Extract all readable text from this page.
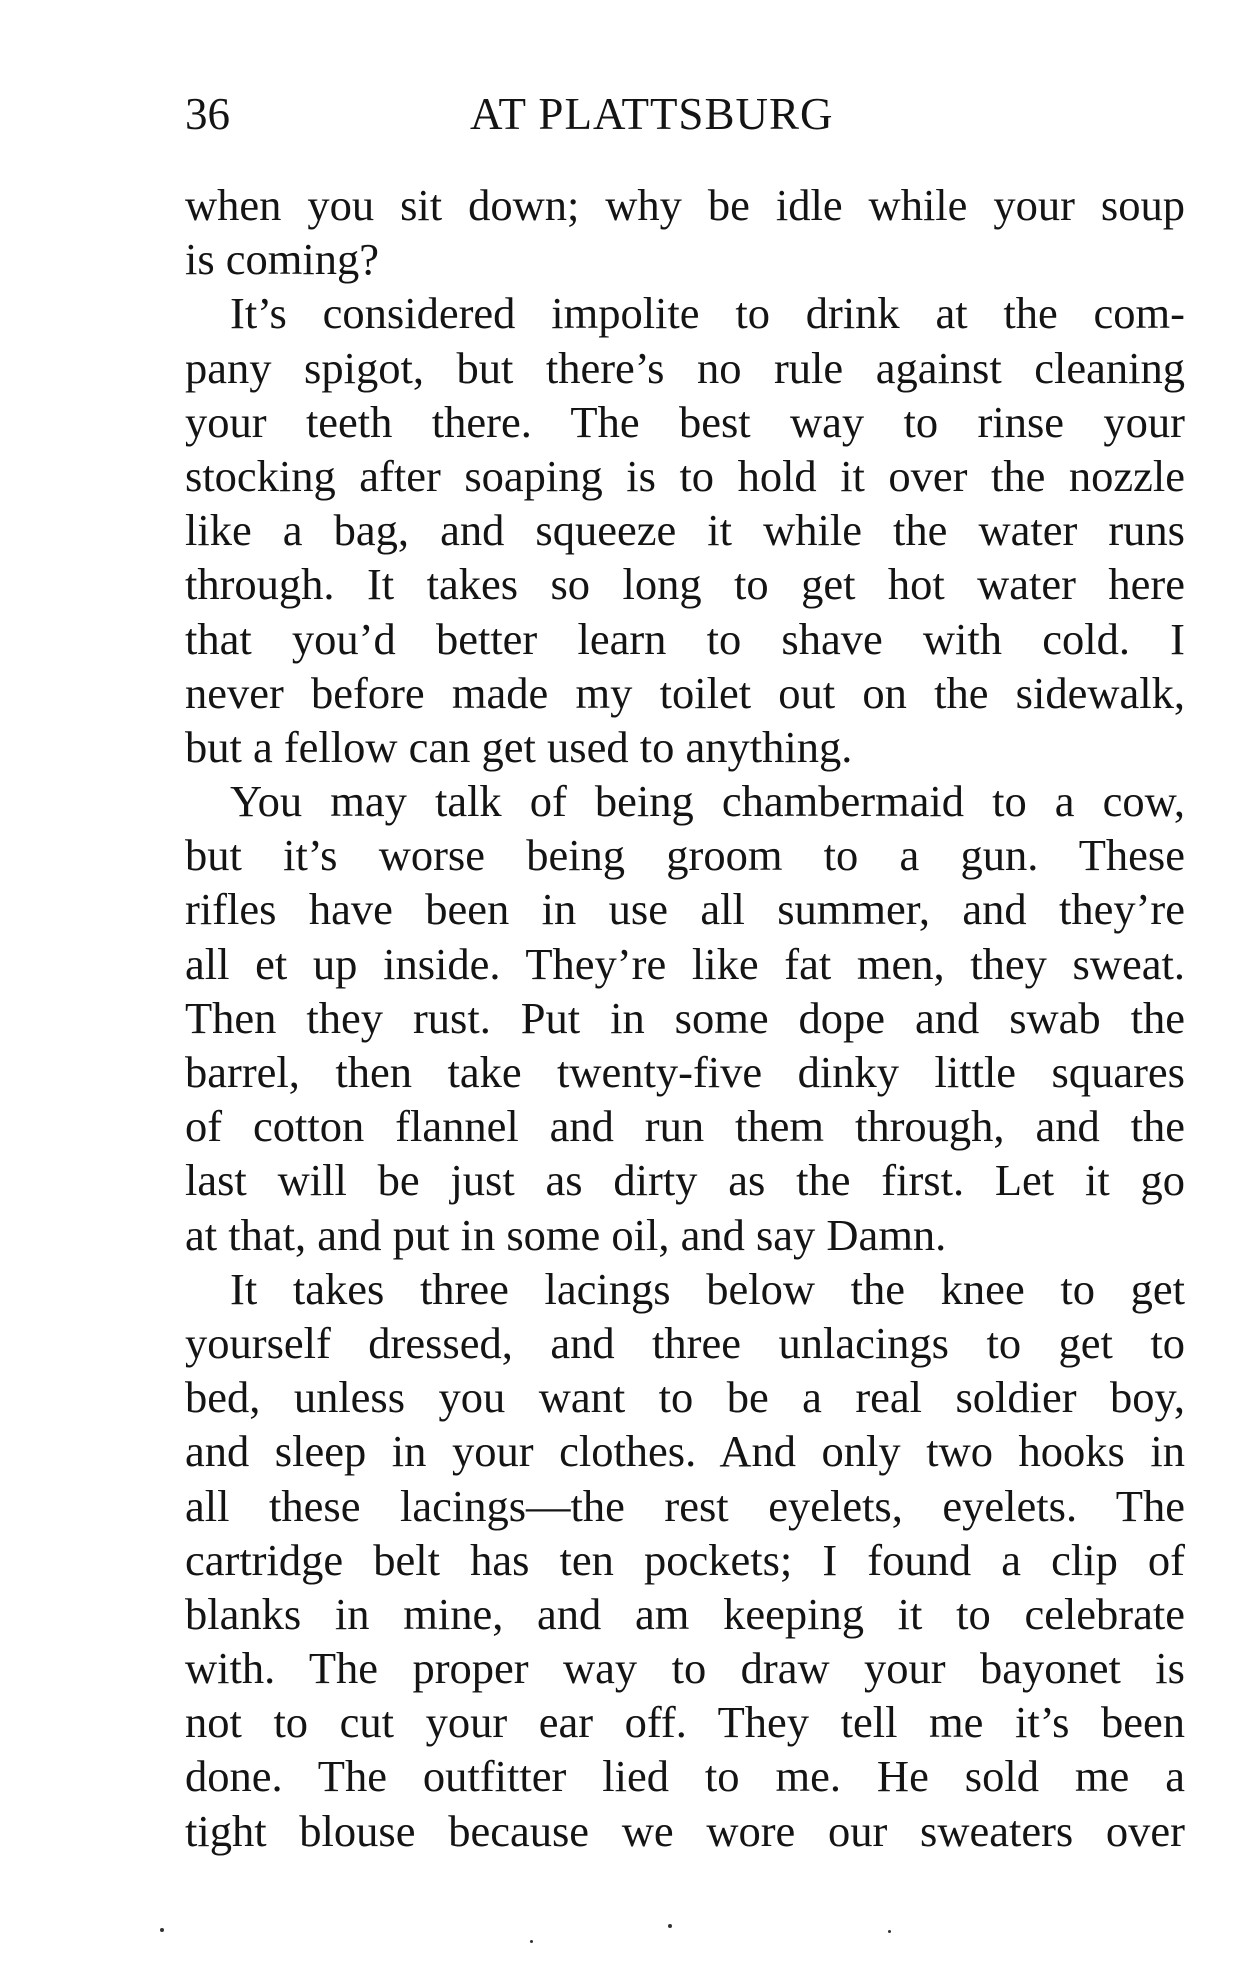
36	AT PLATTSBURG
when you sit down; why be idle while your soup
is coming?
It’s considered impolite to drink at the com-
pany spigot, but there’s no rule against cleaning
your teeth there. The best way to rinse your
stocking after soaping is to hold it over the nozzle
like a bag, and squeeze it while the water runs
through. It takes so long to get hot water here
that you’d better learn to shave with cold. I
never before made my toilet out on the sidewalk,
but a fellow can get used to anything.
You may talk of being chambermaid to a cow,
but it’s worse being groom to a gun. These
rifles have been in use all summer, and they’re
all et up inside. They’re like fat men, they sweat.
Then they rust. Put in some dope and swab the
barrel, then take twenty-five dinky little squares
of cotton flannel and run them through, and the
last will be just as dirty as the first. Let it go
at that, and put in some oil, and say Damn.
It takes three lacings below the knee to get
yourself dressed, and three unlacings to get to
bed, unless you want to be a real soldier boy,
and sleep in your clothes. And only two hooks in
all these lacings—the rest eyelets, eyelets. The
cartridge belt has ten pockets; I found a clip of
blanks in mine, and am keeping it to celebrate
with. The proper way to draw your bayonet is
not to cut your ear off. They tell me it’s been
done. The outfitter lied to me. He sold me a
tight blouse because we wore our sweaters over
